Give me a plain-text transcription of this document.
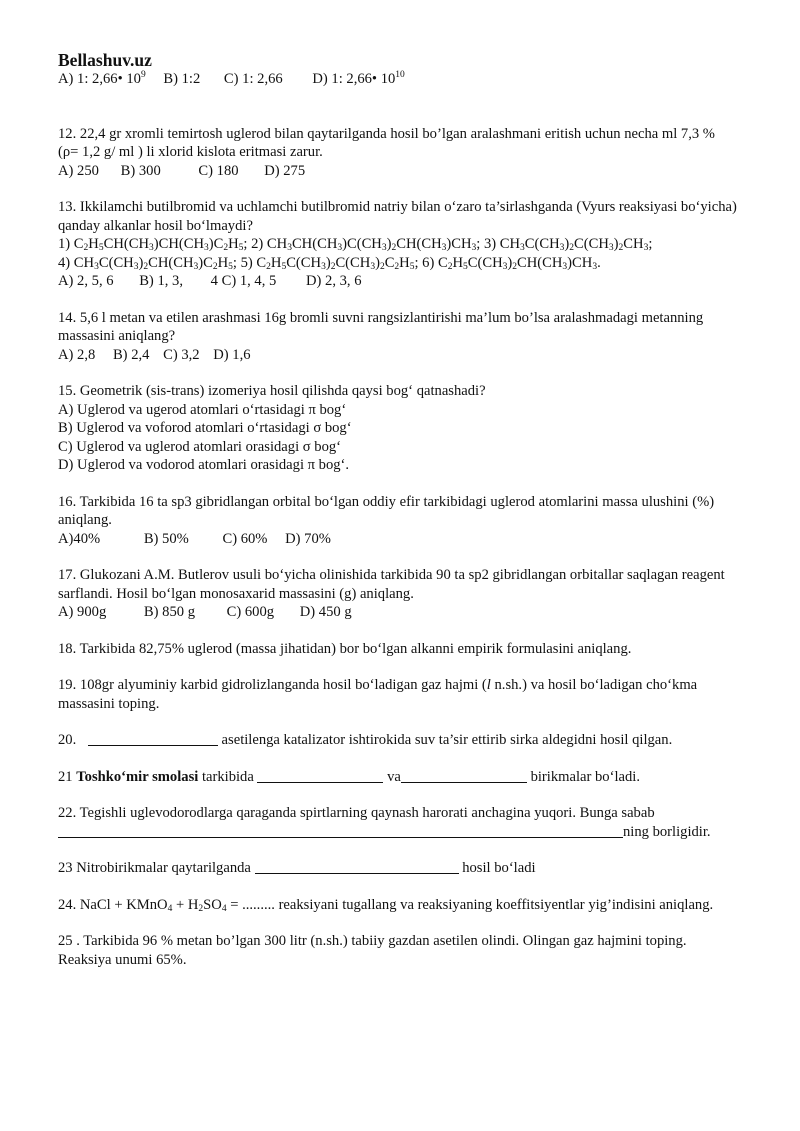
Bellashuv.uz
A) 1: 2,66• $10^9$ B) 1:2 C) 1: 2,66 D) 1: 2,66• $10^{10}$
12. 22,4 gr xromli temirtosh uglerod bilan qaytarilganda hosil bo’lgan aralashmani eritish uchun necha ml 7,3 % (ρ= 1,2 g/ ml ) li xlorid kislota eritmasi zarur.
A) 250 B) 300	C) 180 D) 275
13. Ikkilamchi butilbromid va uchlamchi butilbromid natriy bilan o‘zaro ta’sirlashganda (Vyurs reaksiyasi bo‘yicha) qanday alkanlar hosil bo‘lmaydi?
1) $C_2H_5CH(CH_3)CH(CH_3)C_2H_5$; 2) $CH_3CH(CH_3)C(CH_3)_2CH(CH_3)CH_3$; 3) $CH_3C(CH_3)_2C(CH_3)_2CH_3$;
4) $CH_3C(CH_3)_2CH(CH_3)C_2H_5$; 5) $C_2H_5C(CH_3)_2C(CH_3)_2C_2H_5$; 6) $C_2H_5C(CH_3)_2CH(CH_3)CH_3$.
A) 2, 5, 6 B) 1, 3, 4 C) 1, 4, 5 D) 2, 3, 6
14. 5,6 l metan va etilen arashmasi 16g bromli suvni rangsizlantirishi ma’lum bo’lsa aralashmadagi metanning massasini aniqlang?
A) 2,8 B) 2,4 C) 3,2 D) 1,6
15. Geometrik (sis-trans) izomeriya hosil qilishda qaysi bog‘ qatnashadi?
A) Uglerod va ugerod atomlari o‘rtasidagi π bog‘
B) Uglerod va voforod atomlari o‘rtasidagi σ bog‘
C) Uglerod va uglerod atomlari orasidagi σ bog‘
D) Uglerod va vodorod atomlari orasidagi π bog‘.
16. Tarkibida 16 ta sp3 gibridlangan orbital bo‘lgan oddiy efir tarkibidagi uglerod atomlarini massa ulushini (%) aniqlang.
A)40%	B) 50% C) 60% D) 70%
17. Glukozani A.M. Butlerov usuli bo‘yicha olinishida tarkibida 90 ta sp2 gibridlangan orbitallar saqlagan reagent sarflandi. Hosil bo‘lgan monosaxarid massasini (g) aniqlang.
A) 900g	B) 850 g C) 600g D) 450 g
18. Tarkibida 82,75% uglerod (massa jihatidan) bor bo‘lgan alkanni empirik formulasini aniqlang.
19. 108gr alyuminiy karbid gidrolizlanganda hosil bo‘ladigan gaz hajmi (l n.sh.) va hosil bo‘ladigan cho‘kma massasini toping.
20.	asetilenga katalizator ishtirokida suv ta’sir ettirib sirka aldegidni hosil qilgan.
21 Toshko‘mir smolasi tarkibida	va	birikmalar bo‘ladi.
22. Tegishli uglevodorodlarga qaraganda spirtlarning qaynash harorati anchagina yuqori. Bunga sabab
ning borligidir.
23 Nitrobirikmalar qaytarilganda	hosil bo‘ladi
24. NaCl + KMnO$_4$ + $H_2SO_4$ = ......... reaksiyani tugallang va reaksiyaning koeffitsiyentlar yig’indisini aniqlang.
25 . Tarkibida 96 % metan bo’lgan 300 litr (n.sh.) tabiiy gazdan asetilen olindi. Olingan gaz hajmini toping. Reaksiya unumi 65%.
